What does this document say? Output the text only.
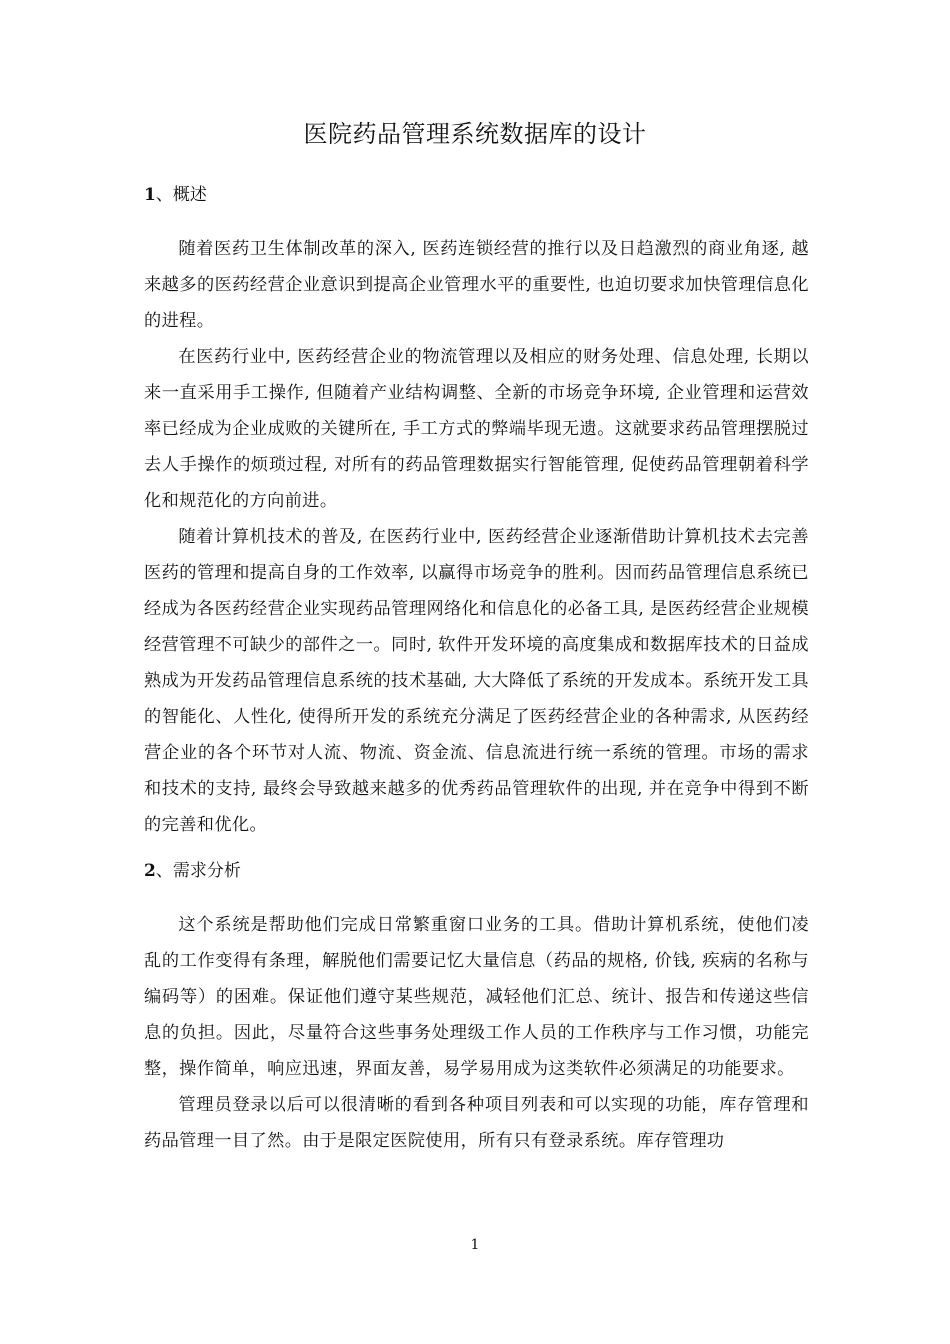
医院药品管理系统数据库的设计
1、概述

随着医药卫生体制改革的深入, 医药连锁经营的推行以及日趋激烈的商业角逐, 越来越多的医药经营企业意识到提高企业管理水平的重要性, 也迫切要求加快管理信息化的进程。

在医药行业中, 医药经营企业的物流管理以及相应的财务处理、信息处理, 长期以来一直采用手工操作, 但随着产业结构调整、全新的市场竞争环境, 企业管理和运营效率已经成为企业成败的关键所在, 手工方式的弊端毕现无遗。这就要求药品管理摆脱过去人手操作的烦琐过程, 对所有的药品管理数据实行智能管理, 促使药品管理朝着科学化和规范化的方向前进。

随着计算机技术的普及, 在医药行业中, 医药经营企业逐渐借助计算机技术去完善医药的管理和提高自身的工作效率, 以赢得市场竞争的胜利。因而药品管理信息系统已经成为各医药经营企业实现药品管理网络化和信息化的必备工具, 是医药经营企业规模经营管理不可缺少的部件之一。同时, 软件开发环境的高度集成和数据库技术的日益成熟成为开发药品管理信息系统的技术基础, 大大降低了系统的开发成本。系统开发工具的智能化、人性化, 使得所开发的系统充分满足了医药经营企业的各种需求, 从医药经营企业的各个环节对人流、物流、资金流、信息流进行统一系统的管理。市场的需求和技术的支持, 最终会导致越来越多的优秀药品管理软件的出现, 并在竞争中得到不断的完善和优化。

2、需求分析

这个系统是帮助他们完成日常繁重窗口业务的工具。借助计算机系统，使他们凌乱的工作变得有条理，解脱他们需要记忆大量信息（药品的规格, 价钱, 疾病的名称与编码等）的困难。保证他们遵守某些规范，减轻他们汇总、统计、报告和传递这些信息的负担。因此，尽量符合这些事务处理级工作人员的工作秩序与工作习惯，功能完整，操作简单，响应迅速，界面友善，易学易用成为这类软件必须满足的功能要求。

管理员登录以后可以很清晰的看到各种项目列表和可以实现的功能，库存管理和药品管理一目了然。由于是限定医院使用，所有只有登录系统。库存管理功

1
